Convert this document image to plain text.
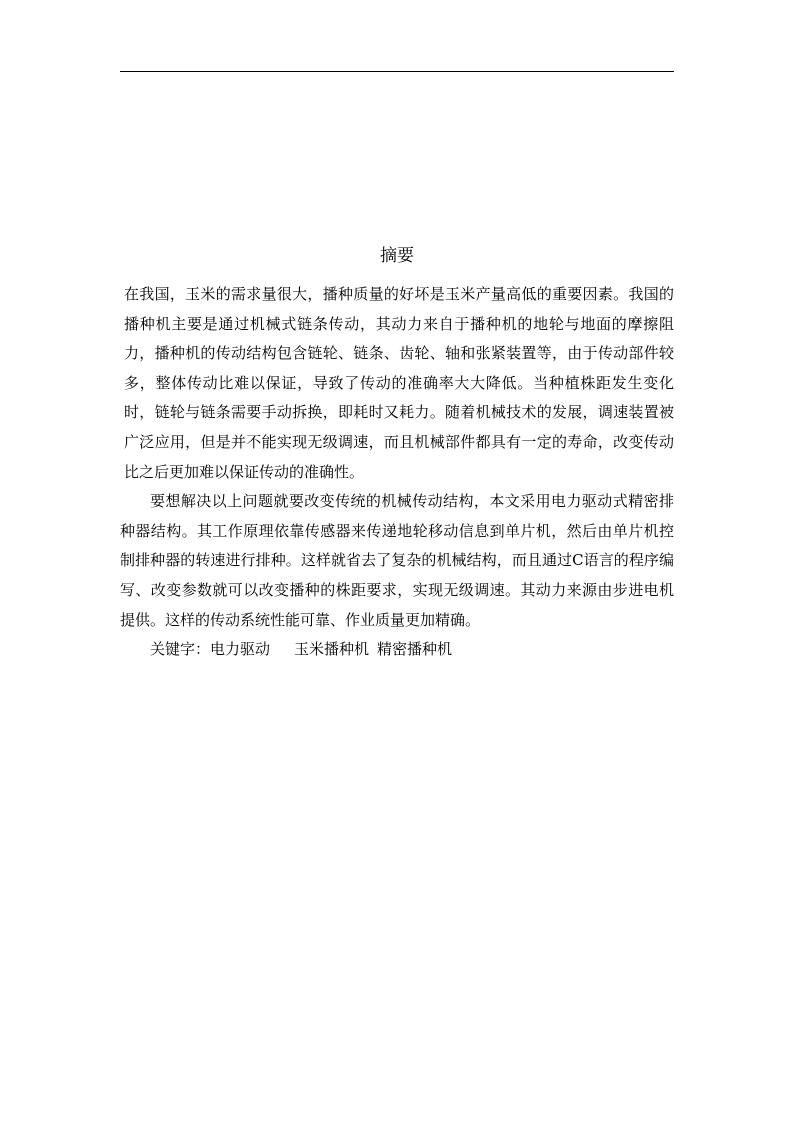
摘要

在我国，玉米的需求量很大，播种质量的好坏是玉米产量高低的重要因素。我国的播种机主要是通过机械式链条传动，其动力来自于播种机的地轮与地面的摩擦阻力，播种机的传动结构包含链轮、链条、齿轮、轴和张紧装置等，由于传动部件较多，整体传动比难以保证，导致了传动的准确率大大降低。当种植株距发生变化时，链轮与链条需要手动拆换，即耗时又耗力。随着机械技术的发展，调速装置被广泛应用，但是并不能实现无级调速，而且机械部件都具有一定的寿命，改变传动比之后更加难以保证传动的准确性。

要想解决以上问题就要改变传统的机械传动结构，本文采用电力驱动式精密排种器结构。其工作原理依靠传感器来传递地轮移动信息到单片机，然后由单片机控制排种器的转速进行排种。这样就省去了复杂的机械结构，而且通过C语言的程序编写、改变参数就可以改变播种的株距要求，实现无级调速。其动力来源由步进电机提供。这样的传动系统性能可靠、作业质量更加精确。

关键字：电力驱动 玉米播种机 精密播种机
